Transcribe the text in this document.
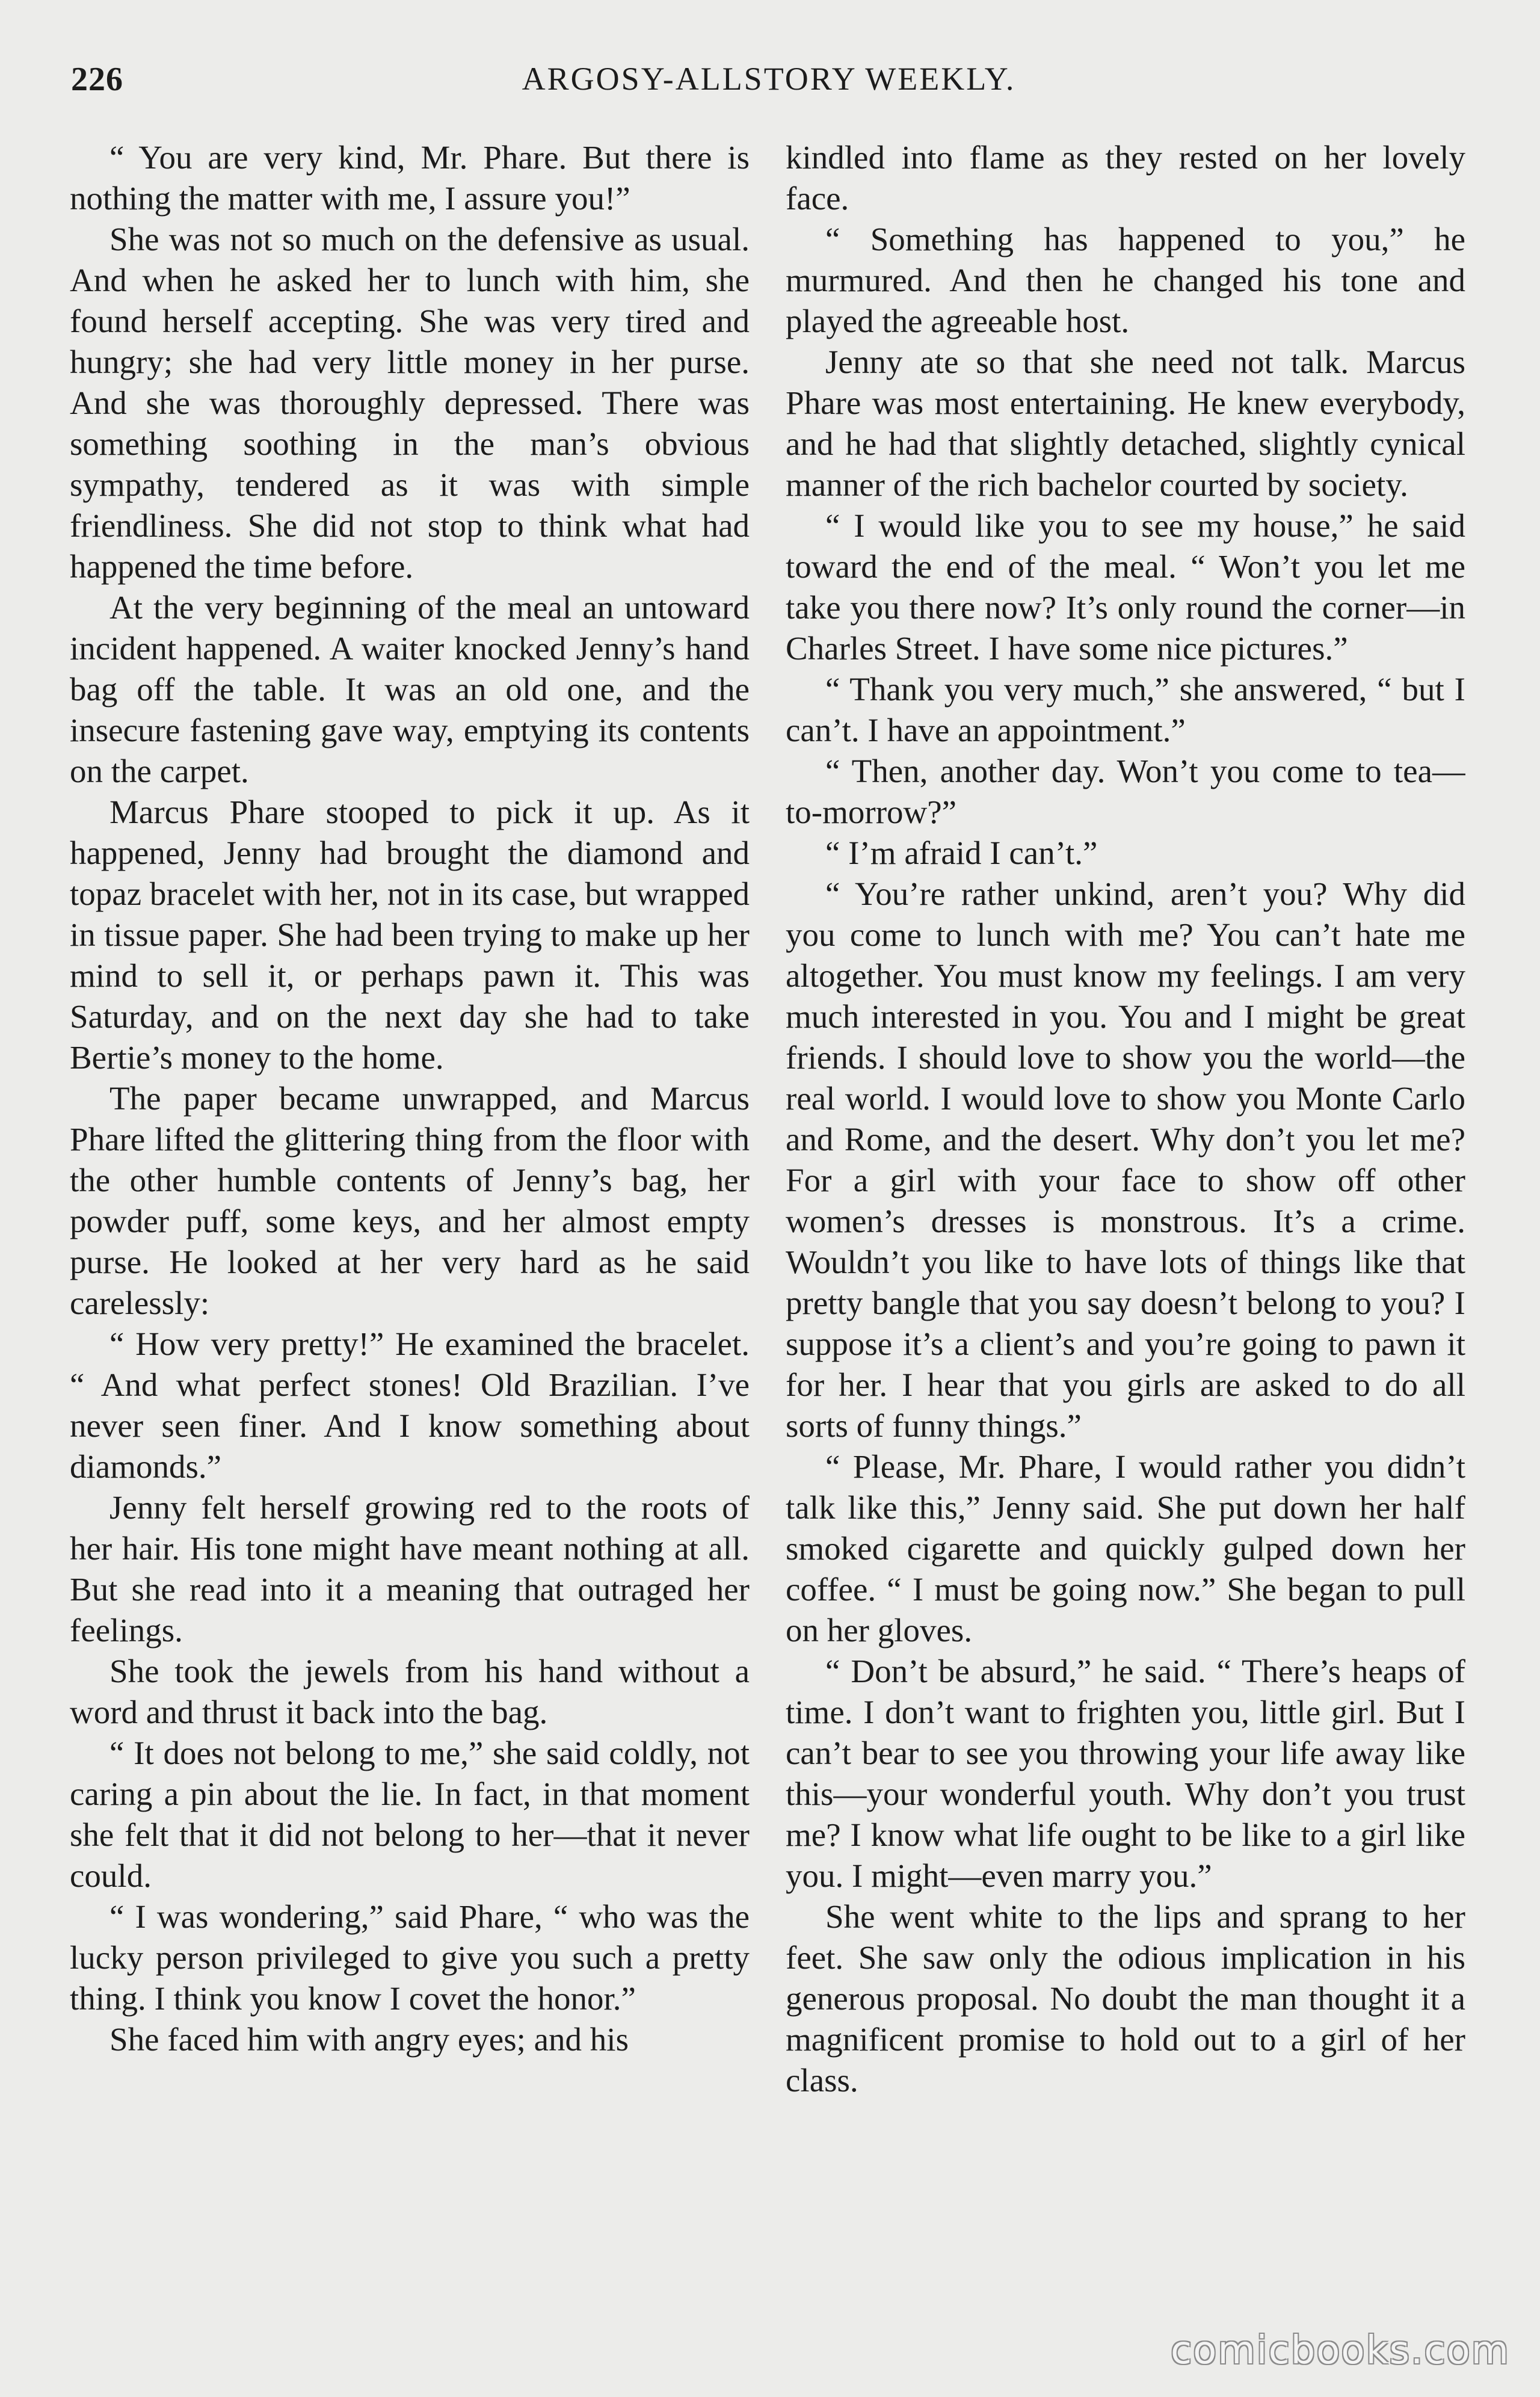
226	ARGOSY-ALLSTORY WEEKLY.

“ You are very kind, Mr. Phare. But there is nothing the matter with me, I assure you!”

She was not so much on the defensive as usual. And when he asked her to lunch with him, she found herself accepting. She was very tired and hungry; she had very little money in her purse. And she was thoroughly depressed. There was something soothing in the man’s obvious sympathy, tendered as it was with simple friendliness. She did not stop to think what had happened the time before.

At the very beginning of the meal an untoward incident happened. A waiter knocked Jenny’s hand bag off the table. It was an old one, and the insecure fastening gave way, emptying its contents on the carpet.

Marcus Phare stooped to pick it up. As it happened, Jenny had brought the diamond and topaz bracelet with her, not in its case, but wrapped in tissue paper. She had been trying to make up her mind to sell it, or perhaps pawn it. This was Saturday, and on the next day she had to take Bertie’s money to the home.

The paper became unwrapped, and Marcus Phare lifted the glittering thing from the floor with the other humble contents of Jenny’s bag, her powder puff, some keys, and her almost empty purse. He looked at her very hard as he said carelessly:

“ How very pretty!” He examined the bracelet. “ And what perfect stones! Old Brazilian. I’ve never seen finer. And I know something about diamonds.”

Jenny felt herself growing red to the roots of her hair. His tone might have meant nothing at all. But she read into it a meaning that outraged her feelings.

She took the jewels from his hand without a word and thrust it back into the bag.

“ It does not belong to me,” she said coldly, not caring a pin about the lie. In fact, in that moment she felt that it did not belong to her—that it never could.

“ I was wondering,” said Phare, “ who was the lucky person privileged to give you such a pretty thing. I think you know I covet the honor.”

She faced him with angry eyes; and his

kindled into flame as they rested on her lovely face.

“ Something has happened to you,” he murmured. And then he changed his tone and played the agreeable host.

Jenny ate so that she need not talk. Marcus Phare was most entertaining. He knew everybody, and he had that slightly detached, slightly cynical manner of the rich bachelor courted by society.

“ I would like you to see my house,” he said toward the end of the meal. “ Won’t you let me take you there now? It’s only round the corner—in Charles Street. I have some nice pictures.”

“ Thank you very much,” she answered, “ but I can’t. I have an appointment.”

“ Then, another day. Won’t you come to tea—to-morrow?”

“ I’m afraid I can’t.”

“ You’re rather unkind, aren’t you? Why did you come to lunch with me? You can’t hate me altogether. You must know my feelings. I am very much interested in you. You and I might be great friends. I should love to show you the world—the real world. I would love to show you Monte Carlo and Rome, and the desert. Why don’t you let me? For a girl with your face to show off other women’s dresses is monstrous. It’s a crime. Wouldn’t you like to have lots of things like that pretty bangle that you say doesn’t belong to you? I suppose it’s a client’s and you’re going to pawn it for her. I hear that you girls are asked to do all sorts of funny things.”

“ Please, Mr. Phare, I would rather you didn’t talk like this,” Jenny said. She put down her half smoked cigarette and quickly gulped down her coffee. “ I must be going now.” She began to pull on her gloves.

“ Don’t be absurd,” he said. “ There’s heaps of time. I don’t want to frighten you, little girl. But I can’t bear to see you throwing your life away like this—your wonderful youth. Why don’t you trust me? I know what life ought to be like to a girl like you. I might—even marry you.”

She went white to the lips and sprang to her feet. She saw only the odious implication in his generous proposal. No doubt the man thought it a magnificent promise to hold out to a girl of her class.

comicbooks.com
